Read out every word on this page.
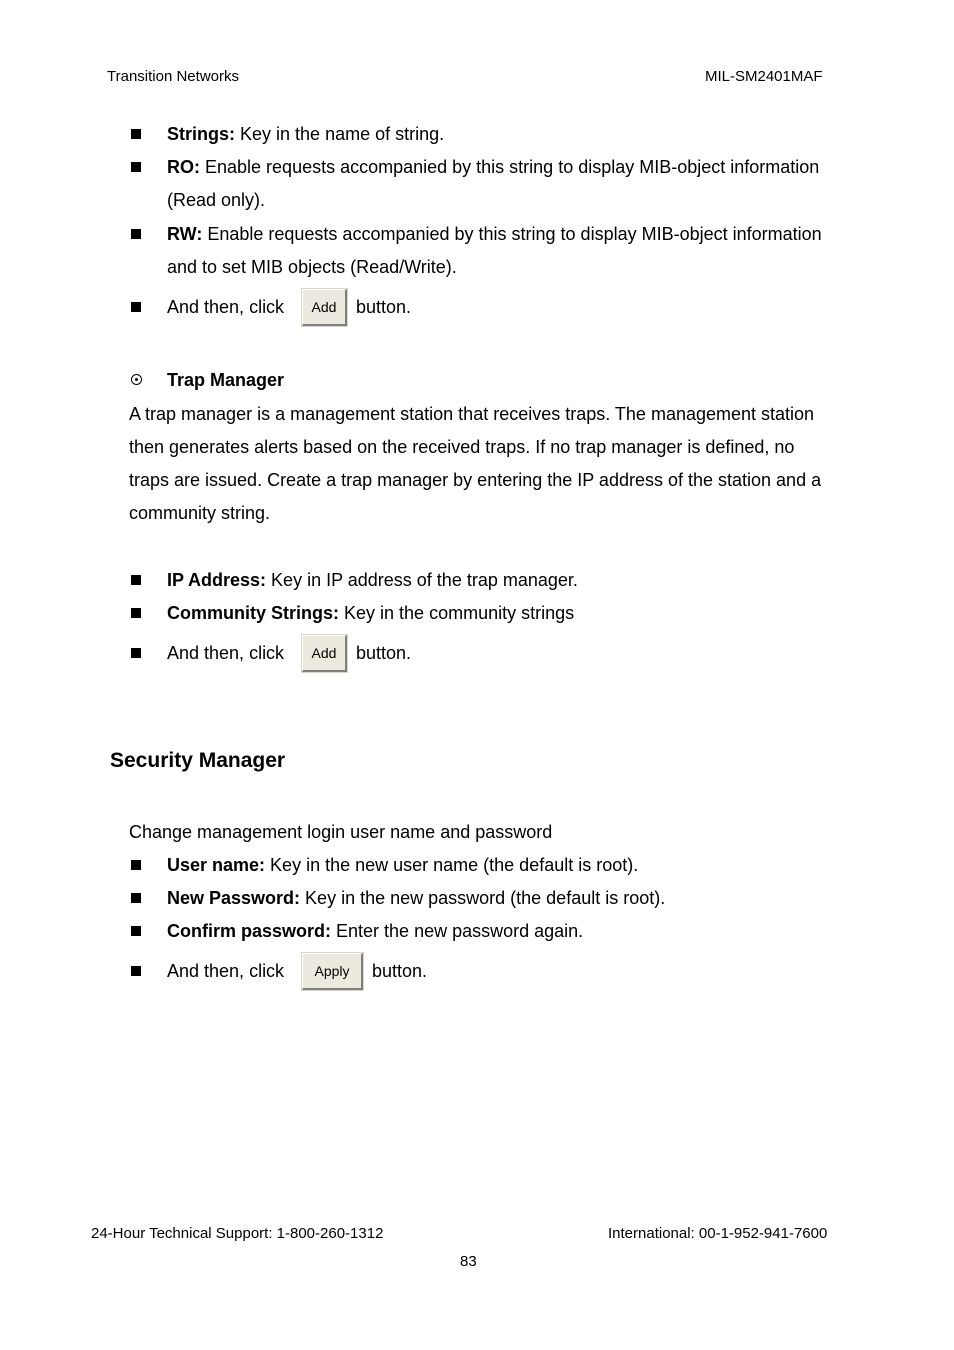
Transition Networks	MIL-SM2401MAF
Strings: Key in the name of string.
RO: Enable requests accompanied by this string to display MIB-object information
(Read only).
RW: Enable requests accompanied by this string to display MIB-object information
and to set MIB objects (Read/Write).
And then, click	Add	button.
Trap Manager
A trap manager is a management station that receives traps. The management station
then generates alerts based on the received traps. If no trap manager is defined, no
traps are issued. Create a trap manager by entering the IP address of the station and a
community string.
IP Address: Key in IP address of the trap manager.
Community Strings: Key in the community strings
And then, click	Add	button.
Security Manager
Change management login user name and password
User name: Key in the new user name (the default is root).
New Password: Key in the new password (the default is root).
Confirm password: Enter the new password again.
And then, click	Apply	button.
24-Hour Technical Support: 1-800-260-1312	International: 00-1-952-941-7600
83
